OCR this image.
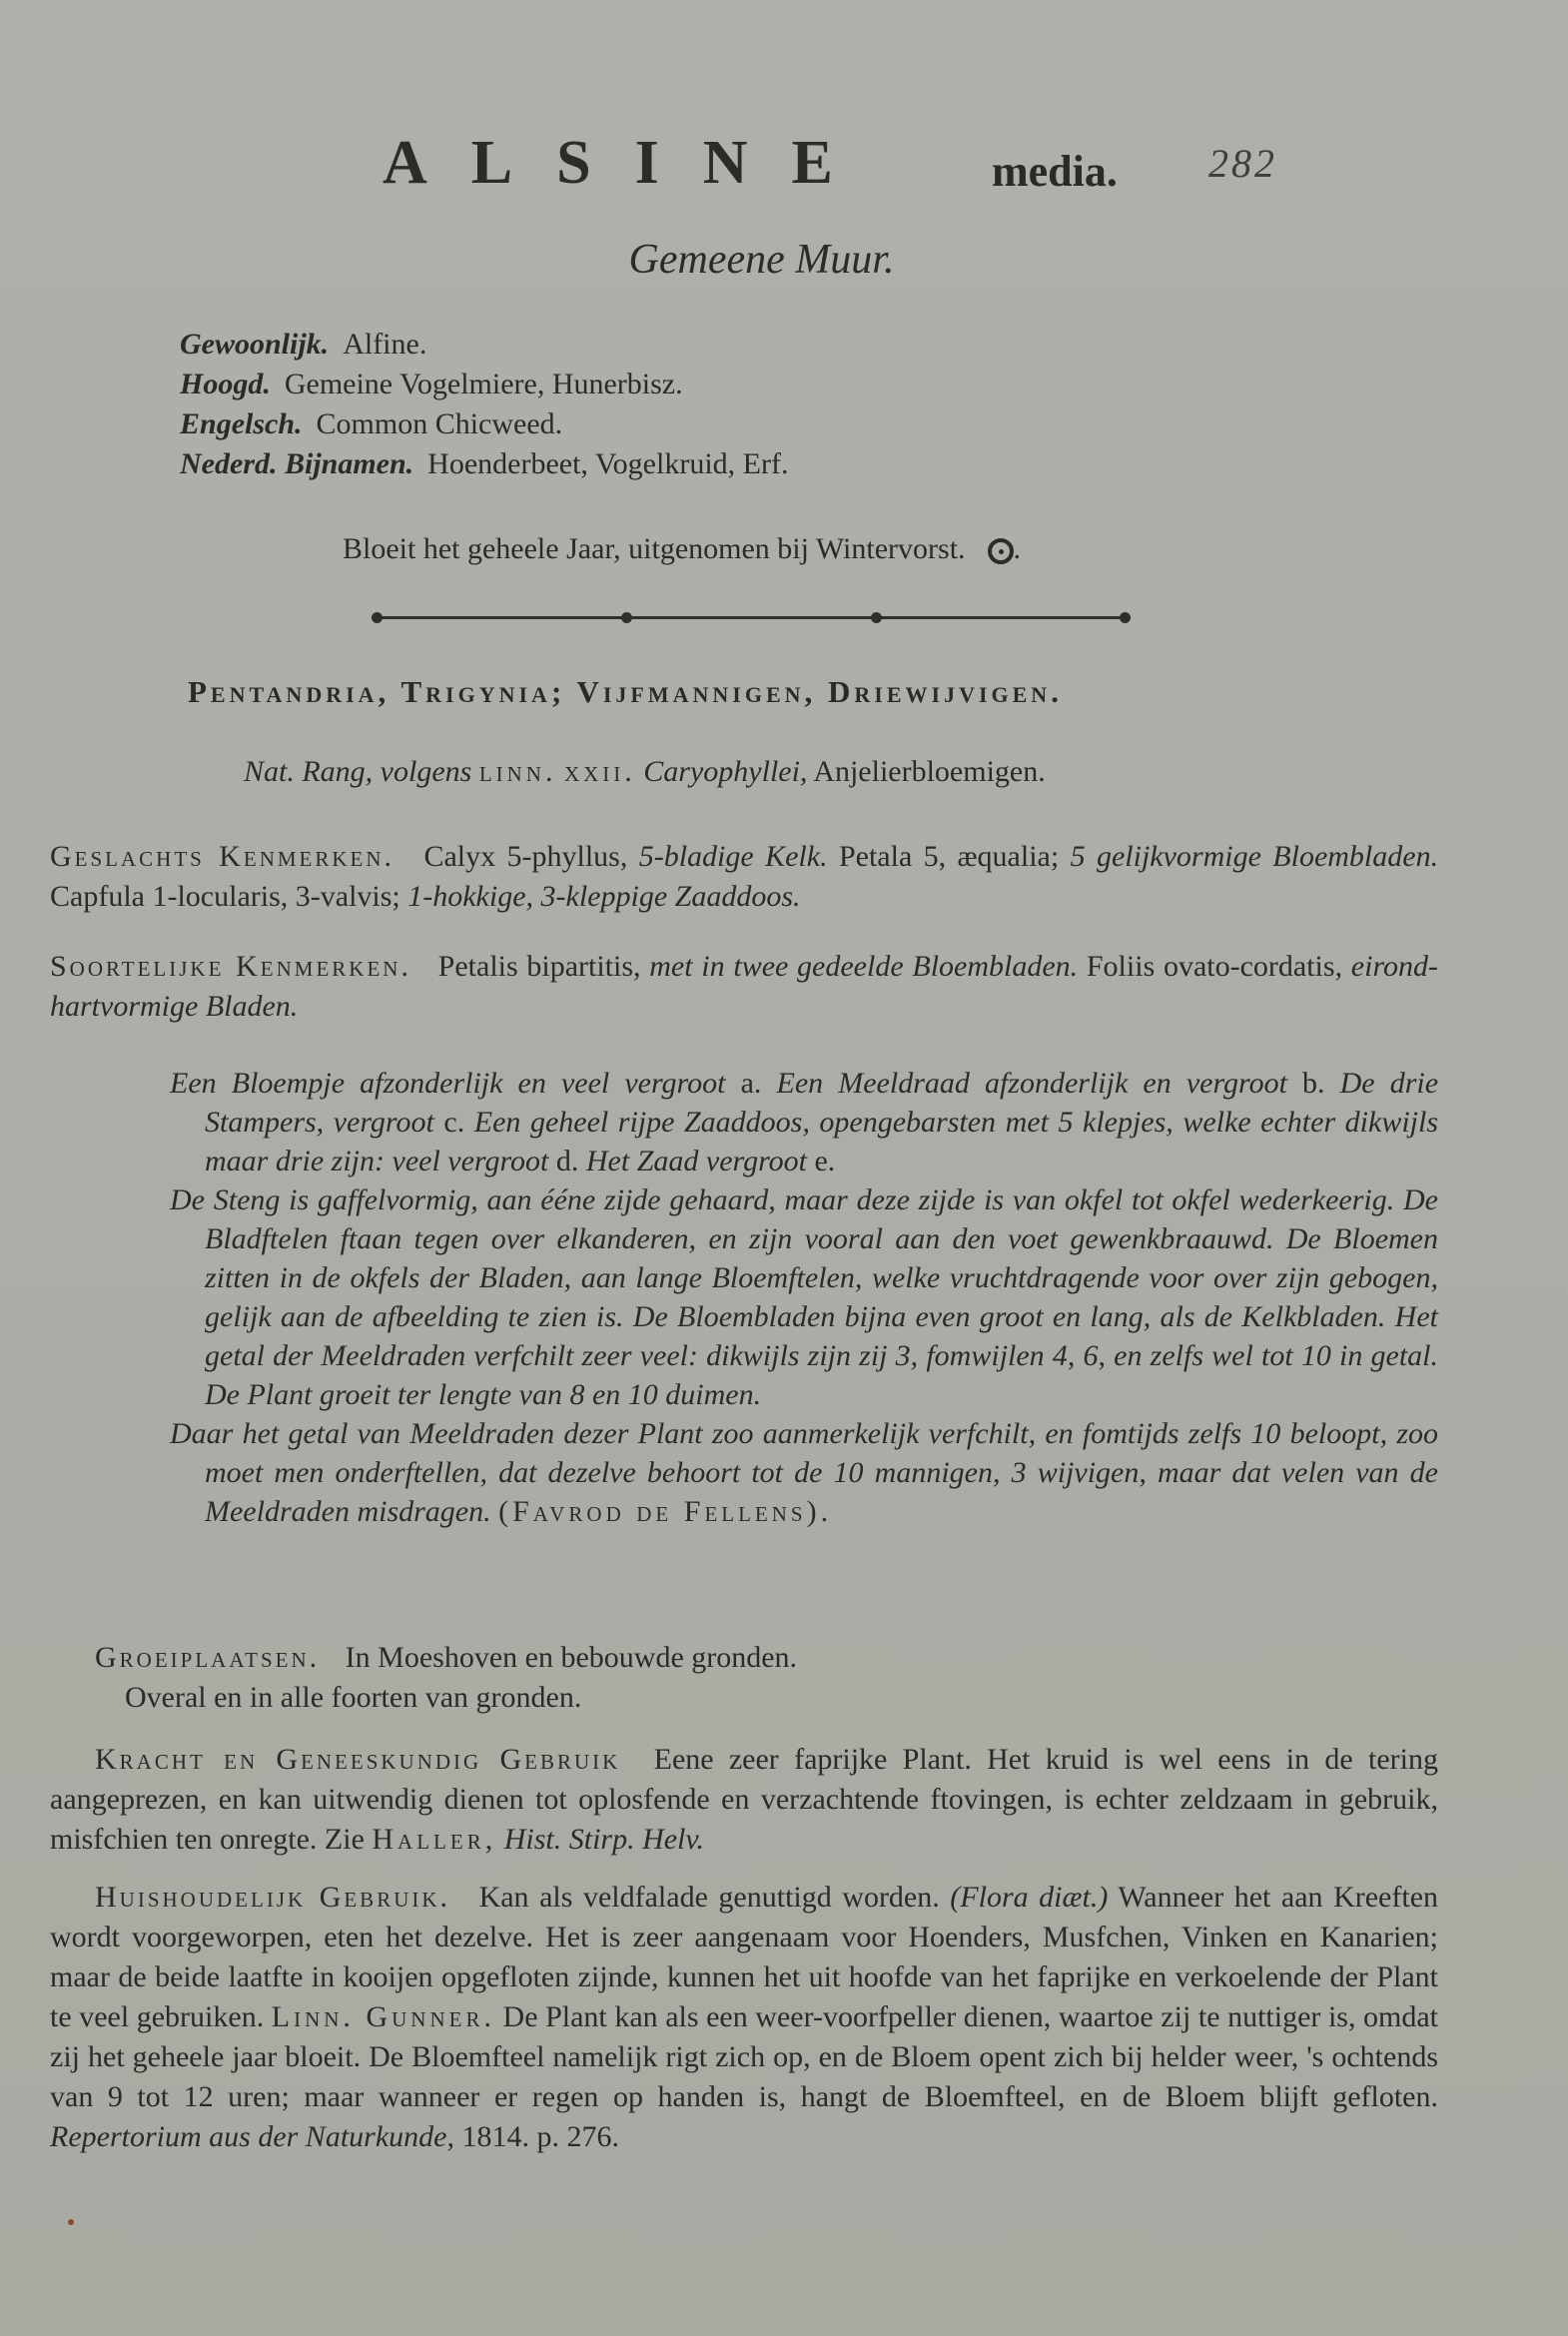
ALSINE	media. 282
Gemeene Muur.
Gewoonlijk. Alfine.
Hoogd. Gemeine Vogelmiere, Hunerbisz.
Engelsch. Common Chicweed.
Nederd. Bijnamen. Hoenderbeet, Vogelkruid, Erf.
Bloeit het geheele Jaar, uitgenomen bij Wintervorst. .
Pentandria, Trigynia; Vijfmannigen, Driewijvigen.
Nat. Rang, volgens linn. xxii. Caryophyllei, Anjelierbloemigen.
Geslachts Kenmerken. Calyx 5-phyllus, 5-bladige Kelk. Petala 5, æqualia; 5 gelijkvormige Bloembladen. Capfula 1-locularis, 3-valvis; 1-hokkige, 3-kleppige Zaaddoos.
Soortelijke Kenmerken. Petalis bipartitis, met in twee gedeelde Bloembladen. Foliis ovato-cordatis, eirond-hartvormige Bladen.

Een Bloempje afzonderlijk en veel vergroot a. Een Meeldraad afzonderlijk en vergroot b. De drie Stampers, vergroot c. Een geheel rijpe Zaaddoos, opengebarsten met 5 klepjes, welke echter dikwijls maar drie zijn: veel vergroot d. Het Zaad vergroot e.

De Steng is gaffelvormig, aan ééne zijde gehaard, maar deze zijde is van okfel tot okfel wederkeerig. De Bladftelen ftaan tegen over elkanderen, en zijn vooral aan den voet gewenkbraauwd. De Bloemen zitten in de okfels der Bladen, aan lange Bloemftelen, welke vruchtdragende voor over zijn gebogen, gelijk aan de afbeelding te zien is. De Bloembladen bijna even groot en lang, als de Kelkbladen. Het getal der Meeldraden verfchilt zeer veel: dikwijls zijn zij 3, fomwijlen 4, 6, en zelfs wel tot 10 in getal. De Plant groeit ter lengte van 8 en 10 duimen.

Daar het getal van Meeldraden dezer Plant zoo aanmerkelijk verfchilt, en fomtijds zelfs 10 beloopt, zoo moet men onderftellen, dat dezelve behoort tot de 10 mannigen, 3 wijvigen, maar dat velen van de Meeldraden misdragen. (Favrod de Fellens).

Groeiplaatsen. In Moeshoven en bebouwde gronden.
Overal en in alle foorten van gronden.
Kracht en Geneeskundig Gebruik Eene zeer faprijke Plant. Het kruid is wel eens in de tering aangeprezen, en kan uitwendig dienen tot oplosfende en verzachtende ftovingen, is echter zeldzaam in gebruik, misfchien ten onregte. Zie Haller, Hist. Stirp. Helv.
Huishoudelijk Gebruik. Kan als veldfalade genuttigd worden. (Flora diæt.) Wanneer het aan Kreeften wordt voorgeworpen, eten het dezelve. Het is zeer aangenaam voor Hoenders, Musfchen, Vinken en Kanarien; maar de beide laatfte in kooijen opgefloten zijnde, kunnen het uit hoofde van het faprijke en verkoelende der Plant te veel gebruiken. Linn. Gunner. De Plant kan als een weer-voorfpeller dienen, waartoe zij te nuttiger is, omdat zij het geheele jaar bloeit. De Bloemfteel namelijk rigt zich op, en de Bloem opent zich bij helder weer, 's ochtends van 9 tot 12 uren; maar wanneer er regen op handen is, hangt de Bloemfteel, en de Bloem blijft gefloten. Repertorium aus der Naturkunde, 1814. p. 276.
